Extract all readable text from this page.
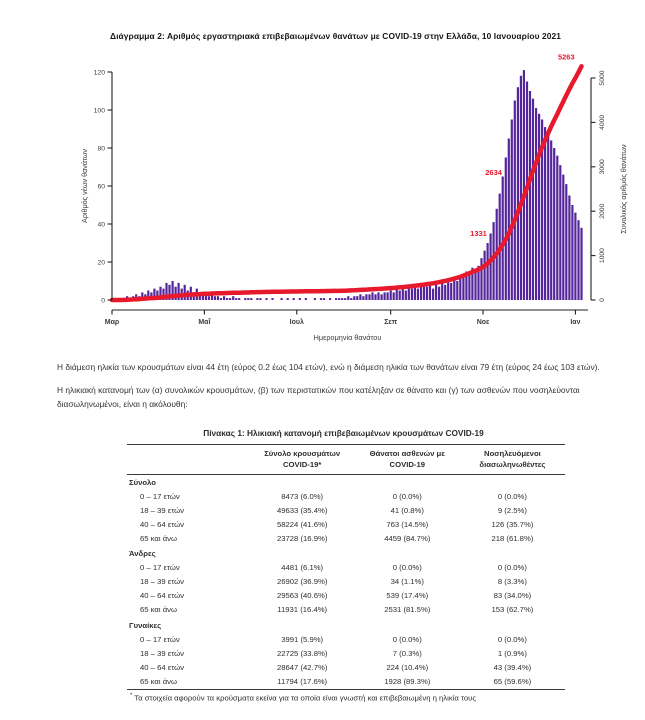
Διάγραμμα 2: Αριθμός εργαστηριακά επιβεβαιωμένων θανάτων με COVID-19 στην Ελλάδα, 10 Ιανουαρίου 2021
0
20
40
60
80
100
120
Αριθμός νέων θανάτων
Μαρ	Μαΐ	Ιουλ	Σεπ	Νοε	Ιαν
Ημερομηνία θανάτου
0
1000
2000
3000
4000
5000
Συνολικός αριθμός θανάτων
5263
2634
1331

Η διάμεση ηλικία των κρουσμάτων είναι 44 έτη (εύρος 0.2 έως 104 ετών), ενώ η διάμεση ηλικία των θανάτων είναι 79 έτη (εύρος 24 έως 103 ετών).

Η ηλικιακή κατανομή των (α) συνολικών κρουσμάτων, (β) των περιστατικών που κατέληξαν σε θάνατο και (γ) των ασθενών που νοσηλεύονται διασωληνωμένοι, είναι η ακόλουθη:

Πίνακας 1: Ηλικιακή κατανομή επιβεβαιωμένων κρουσμάτων COVID-19
	Σύνολο κρουσμάτων COVID-19*	Θάνατοι ασθενών με COVID-19	Νοσηλευόμενοι διασωληνωθέντες
Σύνολο			
0 – 17 ετών	8473 (6.0%)	0 (0.0%)	0 (0.0%)
18 – 39 ετών	49633 (35.4%)	41 (0.8%)	9 (2.5%)
40 – 64 ετών	58224 (41.6%)	763 (14.5%)	126 (35.7%)
65 και άνω	23728 (16.9%)	4459 (84.7%)	218 (61.8%)
Άνδρες			
0 – 17 ετών	4481 (6.1%)	0 (0.0%)	0 (0.0%)
18 – 39 ετών	26902 (36.9%)	34 (1.1%)	8 (3.3%)
40 – 64 ετών	29563 (40.6%)	539 (17.4%)	83 (34.0%)
65 και άνω	11931 (16.4%)	2531 (81.5%)	153 (62.7%)
Γυναίκες			
0 – 17 ετών	3991 (5.9%)	0 (0.0%)	0 (0.0%)
18 – 39 ετών	22725 (33.8%)	7 (0.3%)	1 (0.9%)
40 – 64 ετών	28647 (42.7%)	224 (10.4%)	43 (39.4%)
65 και άνω	11794 (17.6%)	1928 (89.3%)	65 (59.6%)
* Τα στοιχεία αφορούν τα κρούσματα εκείνα για τα οποία είναι γνωστή και επιβεβαιωμένη η ηλικία τους
